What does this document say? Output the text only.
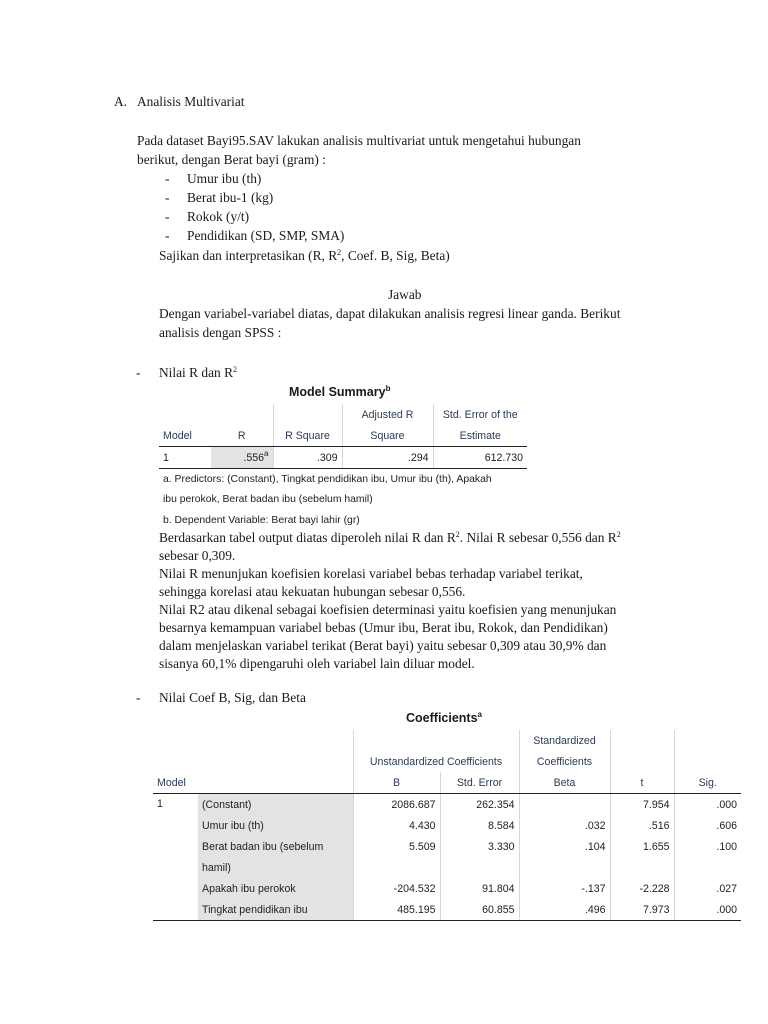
A. Analisis Multivariat
Pada dataset Bayi95.SAV lakukan analisis multivariat untuk mengetahui hubungan
berikut, dengan Berat bayi (gram) :
- Umur ibu (th)
- Berat ibu-1 (kg)
- Rokok (y/t)
- Pendidikan (SD, SMP, SMA)
Sajikan dan interpretasikan (R, $R^2$, Coef. B, Sig, Beta)
Jawab
Dengan variabel-variabel diatas, dapat dilakukan analisis regresi linear ganda. Berikut
analisis dengan SPSS :
- Nilai R dan $R^2$
Model Summary$^b$
			Adjusted R	Std. Error of the
Model	R	R Square	Square	Estimate
1	.556$^a$	.309	.294	612.730
a. Predictors: (Constant), Tingkat pendidikan ibu, Umur ibu (th), Apakah
ibu perokok, Berat badan ibu (sebelum hamil)
b. Dependent Variable: Berat bayi lahir (gr)
Berdasarkan tabel output diatas diperoleh nilai R dan $R^2$. Nilai R sebesar 0,556 dan $R^2$
sebesar 0,309.
Nilai R menunjukan koefisien korelasi variabel bebas terhadap variabel terikat,
sehingga korelasi atau kekuatan hubungan sebesar 0,556.
Nilai R2 atau dikenal sebagai koefisien determinasi yaitu koefisien yang menunjukan
besarnya kemampuan variabel bebas (Umur ibu, Berat ibu, Rokok, dan Pendidikan)
dalam menjelaskan variabel terikat (Berat bayi) yaitu sebesar 0,309 atau 30,9% dan
sisanya 60,1% dipengaruhi oleh variabel lain diluar model.
- Nilai Coef B, Sig, dan Beta
Coefficients$^a$
				Standardized		
		Unstandardized Coefficients		Coefficients		
Model		B	Std. Error	Beta	t	Sig.
1	(Constant)	2086.687	262.354		7.954	.000
	Umur ibu (th)	4.430	8.584	.032	.516	.606
	Berat badan ibu (sebelum	5.509	3.330	.104	1.655	.100
	hamil)					
	Apakah ibu perokok	-204.532	91.804	-.137	-2.228	.027
	Tingkat pendidikan ibu	485.195	60.855	.496	7.973	.000
